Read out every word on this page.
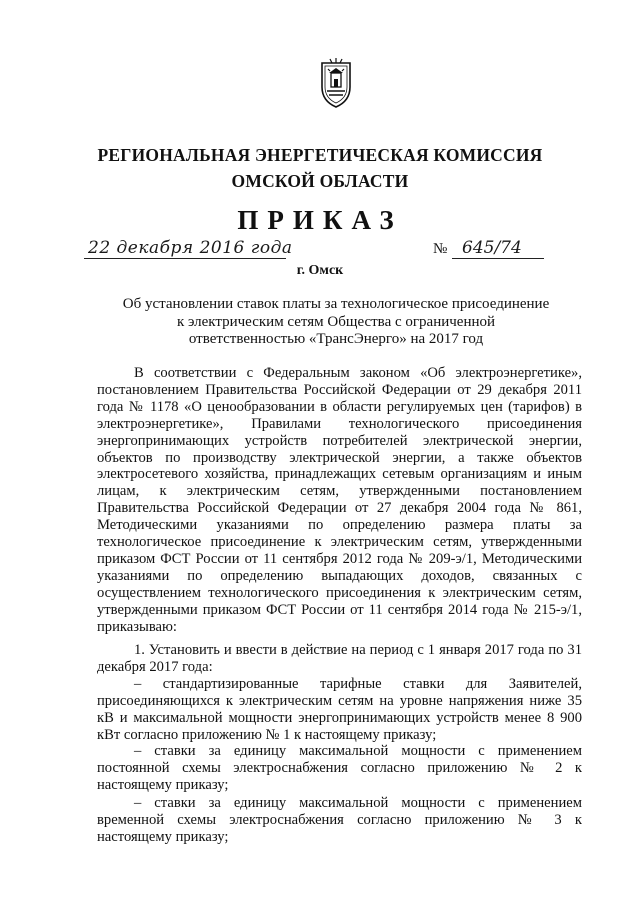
РЕГИОНАЛЬНАЯ ЭНЕРГЕТИЧЕСКАЯ КОМИССИЯ
ОМСКОЙ ОБЛАСТИ
ПРИКАЗ
22 декабря 2016 года	№ 645/74
г. Омск
Об установлении ставок платы за технологическое присоединение к электрическим сетям Общества с ограниченной ответственностью «ТрансЭнерго» на 2017 год
В соответствии с Федеральным законом «Об электроэнергетике», постановлением Правительства Российской Федерации от 29 декабря 2011 года № 1178 «О ценообразовании в области регулируемых цен (тарифов) в электроэнергетике», Правилами технологического присоединения энергопринимающих устройств потребителей электрической энергии, объектов по производству электрической энергии, а также объектов электросетевого хозяйства, принадлежащих сетевым организациям и иным лицам, к электрическим сетям, утвержденными постановлением Правительства Российской Федерации от 27 декабря 2004 года № 861, Методическими указаниями по определению размера платы за технологическое присоединение к электрическим сетям, утвержденными приказом ФСТ России от 11 сентября 2012 года № 209-э/1, Методическими указаниями по определению выпадающих доходов, связанных с осуществлением технологического присоединения к электрическим сетям, утвержденными приказом ФСТ России от 11 сентября 2014 года № 215-э/1, приказываю:
1. Установить и ввести в действие на период с 1 января 2017 года по 31 декабря 2017 года:
– стандартизированные тарифные ставки для Заявителей, присоединяющихся к электрическим сетям на уровне напряжения ниже 35 кВ и максимальной мощности энергопринимающих устройств менее 8 900 кВт согласно приложению № 1 к настоящему приказу;
– ставки за единицу максимальной мощности с применением постоянной схемы электроснабжения согласно приложению № 2 к настоящему приказу;
– ставки за единицу максимальной мощности с применением временной схемы электроснабжения согласно приложению № 3 к настоящему приказу;
